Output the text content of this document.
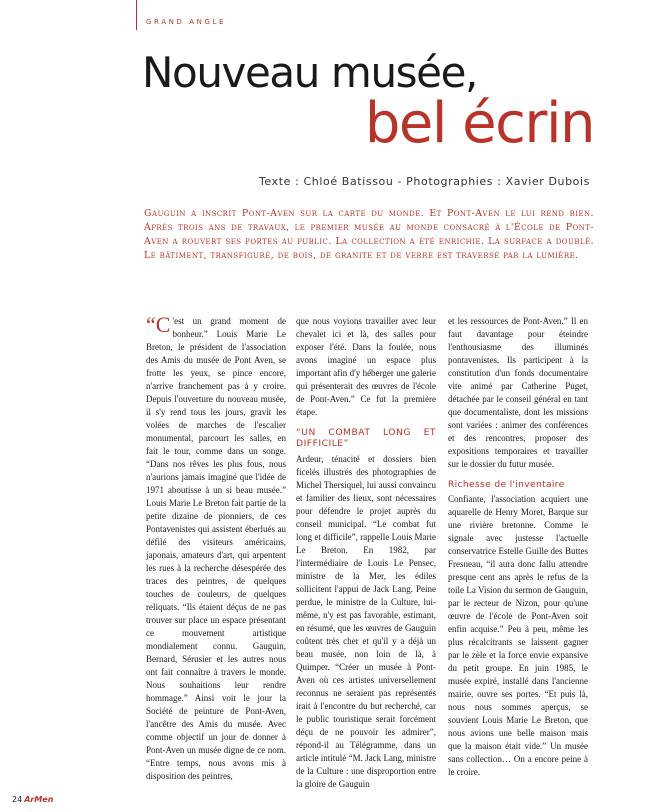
GRAND ANGLE
Nouveau musée,
bel écrin
Texte : Chloé Batissou - Photographies : Xavier Dubois
Gauguin a inscrit Pont-Aven sur la carte du monde. Et Pont-Aven le lui rend bien. Après trois ans de travaux, le premier musée au monde consacré à l'École de Pont-Aven a rouvert ses portes au public. La collection a été enrichie. La surface a doublé. Le bâtiment, transfiguré, de bois, de granite et de verre est traversé par la lumière.

“C 'est un grand moment de bonheur.” Louis Marie Le Breton, le président de l'association des Amis du musée de Pont Aven, se frotte les yeux, se pince encore, n'arrive franchement pas à y croire. Depuis l'ouverture du nouveau musée, il s'y rend tous les jours, gravit les volées de marches de l'escalier monumental, parcourt les salles, en fait le tour, comme dans un songe. “Dans nos rêves les plus fous, nous n'aurions jamais imaginé que l'idée de 1971 aboutisse à un si beau musée.” Louis Marie Le Breton fait partie de la petite dizaine de pionniers, de ces Pontavenistes qui assistent éberlués au défilé des visiteurs américains, japonais, amateurs d'art, qui arpentent les rues à la recherche désespérée des traces des peintres, de quelques touches de couleurs, de quelques reliquats. “Ils étaient déçus de ne pas trouver sur place un espace présentant ce mouvement artistique mondialement connu. Gauguin, Bernard, Sérusier et les autres nous ont fait connaître à travers le monde. Nous souhaitions leur rendre hommage.” Ainsi voit le jour la Société de peinture de Pont-Aven, l'ancêtre des Amis du musée. Avec comme objectif un jour de donner à Pont-Aven un musée digne de ce nom. “Entre temps, nous avons mis à disposition des peintres,

que nous voyions travailler avec leur chevalet ici et là, des salles pour exposer l'été. Dans la foulée, nous avons imaginé un espace plus important afin d'y héberger une galerie qui présenterait des œuvres de l'école de Pont-Aven.” Ce fut la première étape.

“UN COMBAT LONG ET DIFFICILE”

Ardeur, ténacité et dossiers bien ficelés illustrés des photographies de Michel Thersiquel, lui aussi convaincu et familier des lieux, sont nécessaires pour défendre le projet auprès du conseil municipal. “Le combat fut long et difficile”, rappelle Louis Marie Le Breton. En 1982, par l'intermédiaire de Louis Le Pensec, ministre de la Mer, les édiles sollicitent l'appui de Jack Lang. Peine perdue, le ministre de la Culture, lui-même, n'y est pas favorable, estimant, en résumé, que les œuvres de Gauguin coûtent très cher et qu'il y a déjà un beau musée, non loin de là, à Quimper. “Créer un musée à Pont-Aven où ces artistes universellement reconnus ne seraient pas représentés irait à l'encontre du but recherché, car le public touristique serait forcément déçu de ne pouvoir les admirer”, répond-il au Télégramme, dans un article intitulé “M. Jack Lang, ministre de la Culture : une disproportion entre la gloire de Gauguin

et les ressources de Pont-Aven.” Il en faut davantage pour éteindre l'enthousiasme des illuminés pontavenistes. Ils participent à la constitution d'un fonds documentaire vite animé par Catherine Puget, détachée par le conseil général en tant que documentaliste, dont les missions sont variées : animer des conférences et des rencontres, proposer des expositions temporaires et travailler sur le dossier du futur musée.

Richesse de l'inventaire

Confiante, l'association acquiert une aquarelle de Henry Moret, Barque sur une rivière bretonne. Comme le signale avec justesse l'actuelle conservatrice Estelle Guille des Buttes Fresneau, “il aura donc fallu attendre presque cent ans après le refus de la toile La Vision du sermon de Gauguin, par le recteur de Nizon, pour qu'une œuvre de l'école de Pont-Aven soit enfin acquise.” Peu à peu, même les plus récalcitrants se laissent gagner par le zèle et la force envie expansive du petit groupe. En juin 1985, le musée expiré, installé dans l'ancienne mairie, ouvre ses portes. “Et puis là, nous nous sommes aperçus, se souvient Louis Marie Le Breton, que nous avions une belle maison mais que la maison était vide.” Un musée sans collection… On a encore peine à le croire.

24 ArMen
